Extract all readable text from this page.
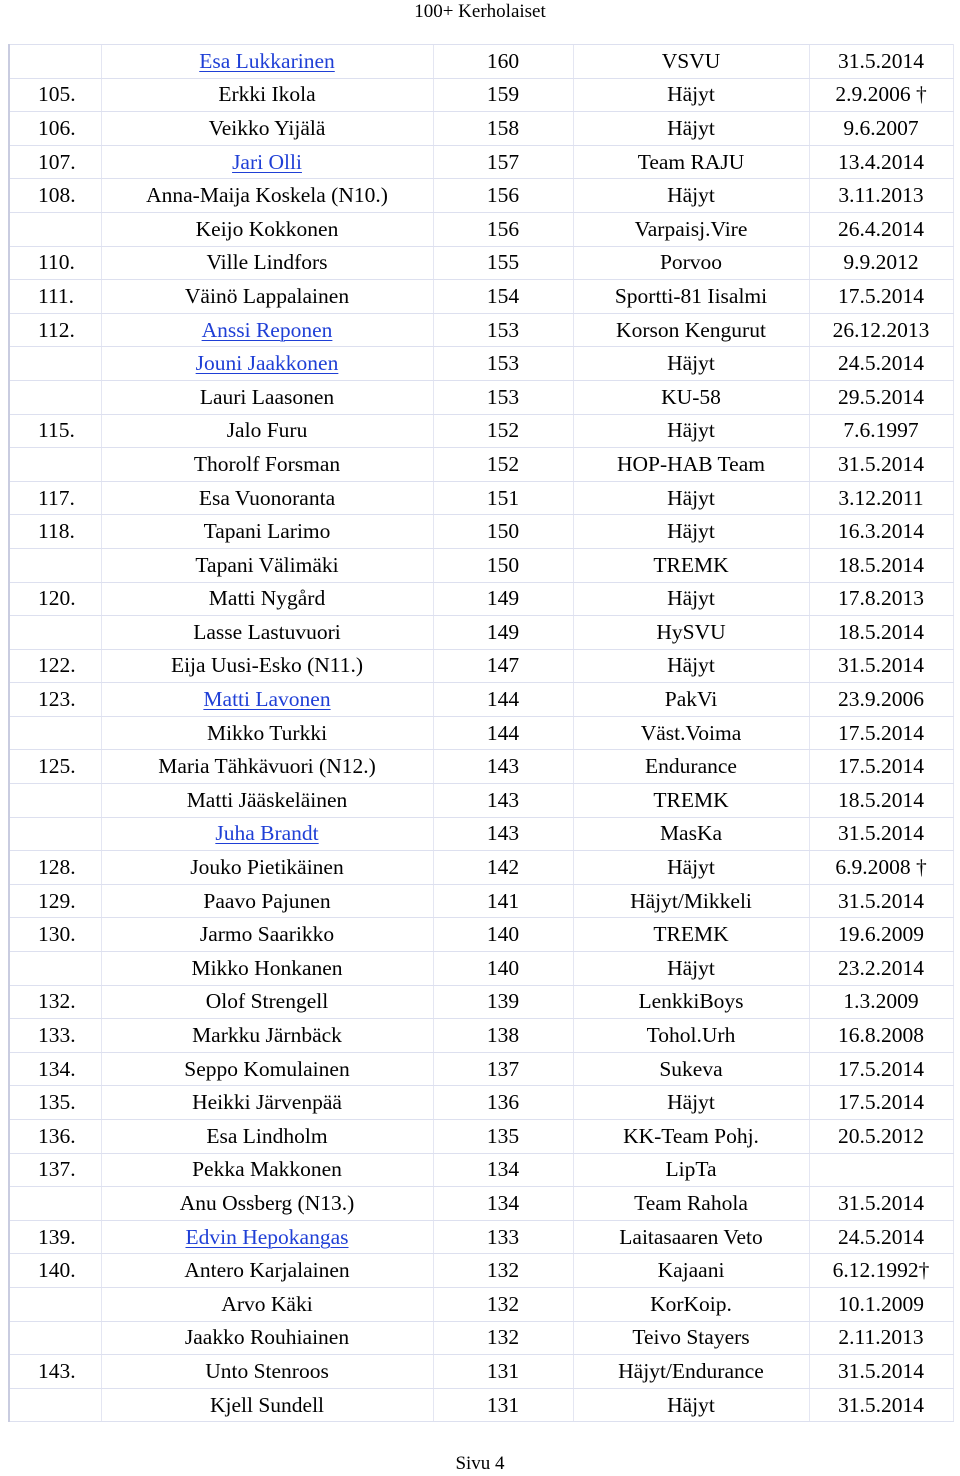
100+ Kerholaiset
	Esa Lukkarinen	160	VSVU	31.5.2014
105.	Erkki Ikola	159	Häjyt	2.9.2006 †
106.	Veikko Yijälä	158	Häjyt	9.6.2007
107.	Jari Olli	157	Team RAJU	13.4.2014
108.	Anna-Maija Koskela (N10.)	156	Häjyt	3.11.2013
	Keijo Kokkonen	156	Varpaisj.Vire	26.4.2014
110.	Ville Lindfors	155	Porvoo	9.9.2012
111.	Väinö Lappalainen	154	Sportti-81 Iisalmi	17.5.2014
112.	Anssi Reponen	153	Korson Kengurut	26.12.2013
	Jouni Jaakkonen	153	Häjyt	24.5.2014
	Lauri Laasonen	153	KU-58	29.5.2014
115.	Jalo Furu	152	Häjyt	7.6.1997
	Thorolf Forsman	152	HOP-HAB Team	31.5.2014
117.	Esa Vuonoranta	151	Häjyt	3.12.2011
118.	Tapani Larimo	150	Häjyt	16.3.2014
	Tapani Välimäki	150	TREMK	18.5.2014
120.	Matti Nygård	149	Häjyt	17.8.2013
	Lasse Lastuvuori	149	HySVU	18.5.2014
122.	Eija Uusi-Esko (N11.)	147	Häjyt	31.5.2014
123.	Matti Lavonen	144	PakVi	23.9.2006
	Mikko Turkki	144	Väst.Voima	17.5.2014
125.	Maria Tähkävuori (N12.)	143	Endurance	17.5.2014
	Matti Jääskeläinen	143	TREMK	18.5.2014
	Juha Brandt	143	MasKa	31.5.2014
128.	Jouko Pietikäinen	142	Häjyt	6.9.2008 †
129.	Paavo Pajunen	141	Häjyt/Mikkeli	31.5.2014
130.	Jarmo Saarikko	140	TREMK	19.6.2009
	Mikko Honkanen	140	Häjyt	23.2.2014
132.	Olof Strengell	139	LenkkiBoys	1.3.2009
133.	Markku Järnbäck	138	Tohol.Urh	16.8.2008
134.	Seppo Komulainen	137	Sukeva	17.5.2014
135.	Heikki Järvenpää	136	Häjyt	17.5.2014
136.	Esa Lindholm	135	KK-Team Pohj.	20.5.2012
137.	Pekka Makkonen	134	LipTa	
	Anu Ossberg (N13.)	134	Team Rahola	31.5.2014
139.	Edvin Hepokangas	133	Laitasaaren Veto	24.5.2014
140.	Antero Karjalainen	132	Kajaani	6.12.1992†
	Arvo Käki	132	KorKoip.	10.1.2009
	Jaakko Rouhiainen	132	Teivo Stayers	2.11.2013
143.	Unto Stenroos	131	Häjyt/Endurance	31.5.2014
	Kjell Sundell	131	Häjyt	31.5.2014
Sivu 4
